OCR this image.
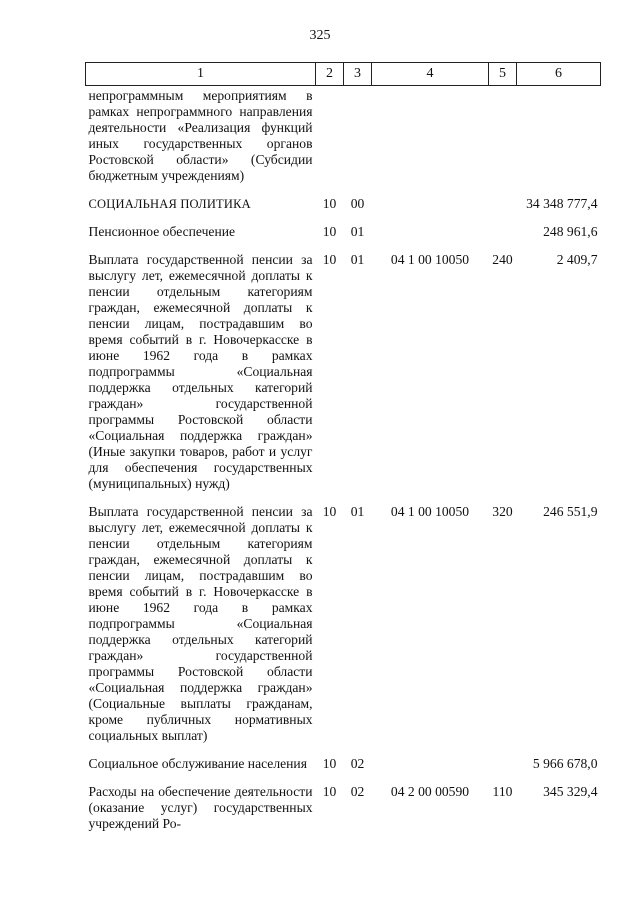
325
1	2	3	4	5	6
непрограммным мероприятиям в рамках непрограммного направления деятельности «Реализация функций иных государственных органов Ростовской области» (Субсидии бюджетным учреждениям)					
СОЦИАЛЬНАЯ ПОЛИТИКА	10	00			34 348 777,4
Пенсионное обеспечение	10	01			248 961,6
Выплата государственной пенсии за выслугу лет, ежемесячной доплаты к пенсии отдельным категориям граждан, ежемесячной доплаты к пенсии лицам, пострадавшим во время событий в г. Новочеркасске в июне 1962 года в рамках подпрограммы «Социальная поддержка отдельных категорий граждан» государственной программы Ростовской области «Социальная поддержка граждан» (Иные закупки товаров, работ и услуг для обеспечения государственных (муниципальных) нужд)	10	01	04 1 00 10050	240	2 409,7
Выплата государственной пенсии за выслугу лет, ежемесячной доплаты к пенсии отдельным категориям граждан, ежемесячной доплаты к пенсии лицам, пострадавшим во время событий в г. Новочеркасске в июне 1962 года в рамках подпрограммы «Социальная поддержка отдельных категорий граждан» государственной программы Ростовской области «Социальная поддержка граждан» (Социальные выплаты гражданам, кроме публичных нормативных социальных выплат)	10	01	04 1 00 10050	320	246 551,9
Социальное обслуживание населения	10	02			5 966 678,0
Расходы на обеспечение деятельности (оказание услуг) государственных учреждений Ро-	10	02	04 2 00 00590	110	345 329,4
